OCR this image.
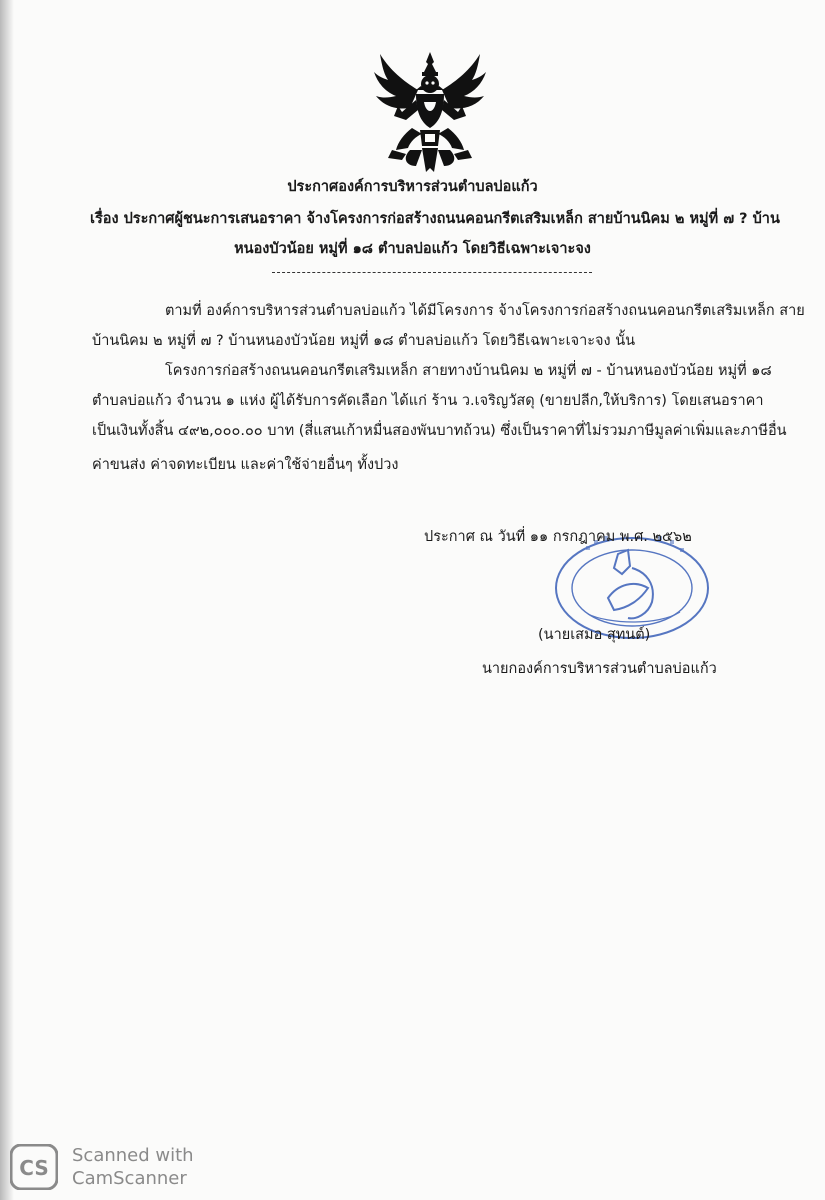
ประกาศองค์การบริหารส่วนตำบลบ่อแก้ว
เรื่อง ประกาศผู้ชนะการเสนอราคา จ้างโครงการก่อสร้างถนนคอนกรีตเสริมเหล็ก สายบ้านนิคม ๒ หมู่ที่ ๗ ? บ้าน
หนองบัวน้อย หมู่ที่ ๑๘ ตำบลบ่อแก้ว โดยวิธีเฉพาะเจาะจง
ตามที่ องค์การบริหารส่วนตำบลบ่อแก้ว ได้มีโครงการ จ้างโครงการก่อสร้างถนนคอนกรีตเสริมเหล็ก สาย
บ้านนิคม ๒ หมู่ที่ ๗ ? บ้านหนองบัวน้อย หมู่ที่ ๑๘ ตำบลบ่อแก้ว โดยวิธีเฉพาะเจาะจง นั้น
โครงการก่อสร้างถนนคอนกรีตเสริมเหล็ก สายทางบ้านนิคม ๒ หมู่ที่ ๗ - บ้านหนองบัวน้อย หมู่ที่ ๑๘
ตำบลบ่อแก้ว จำนวน ๑ แห่ง ผู้ได้รับการคัดเลือก ได้แก่ ร้าน ว.เจริญวัสดุ (ขายปลีก,ให้บริการ) โดยเสนอราคา
เป็นเงินทั้งสิ้น ๔๙๒,๐๐๐.๐๐ บาท (สี่แสนเก้าหมื่นสองพันบาทถ้วน) ซึ่งเป็นราคาที่ไม่รวมภาษีมูลค่าเพิ่มและภาษีอื่น
ค่าขนส่ง ค่าจดทะเบียน และค่าใช้จ่ายอื่นๆ ทั้งปวง
ประกาศ ณ วันที่ ๑๑ กรกฎาคม พ.ศ. ๒๕๖๒
(นายเสมอ สุทนต์)
นายกองค์การบริหารส่วนตำบลบ่อแก้ว
CS
Scanned with
CamScanner
